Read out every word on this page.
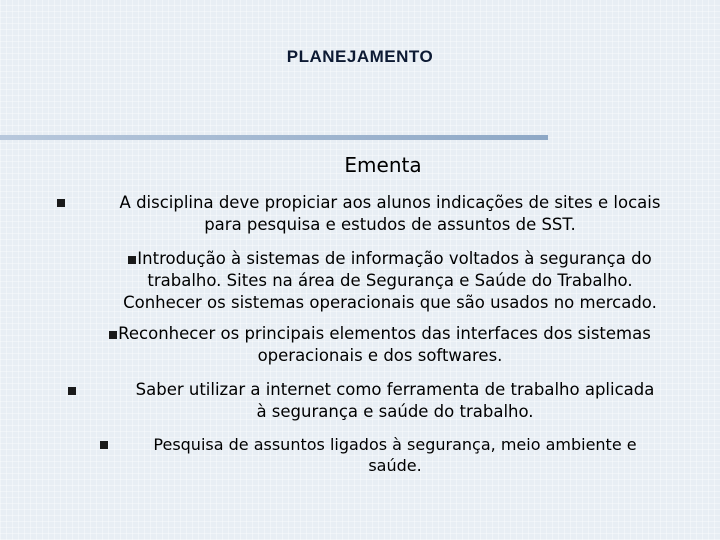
PLANEJAMENTO
Ementa
A disciplina deve propiciar aos alunos indicações de sites e locais
para pesquisa e estudos de assuntos de SST.
Introdução à sistemas de informação voltados à segurança do
trabalho. Sites na área de Segurança e Saúde do Trabalho.
Conhecer os sistemas operacionais que são usados no mercado.
Reconhecer os principais elementos das interfaces dos sistemas
operacionais e dos softwares.
Saber utilizar a internet como ferramenta de trabalho aplicada
à segurança e saúde do trabalho.
Pesquisa de assuntos ligados à segurança, meio ambiente e
saúde.
